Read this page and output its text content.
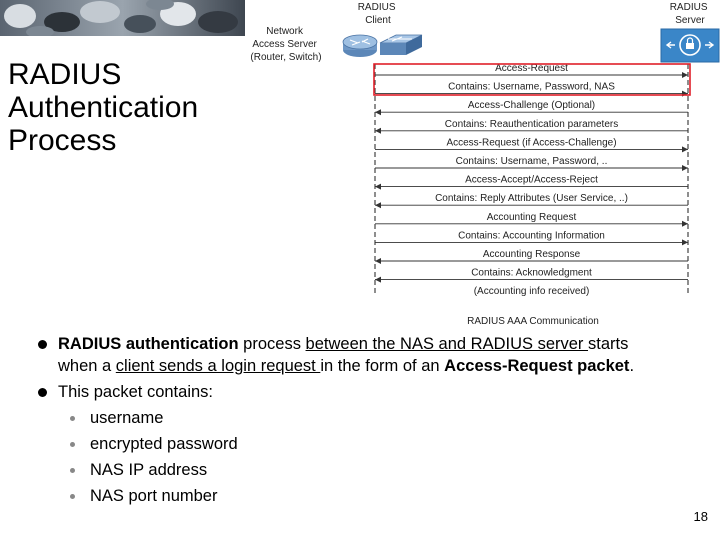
RADIUS
Authentication
Process
Network Access Server (Router, Switch)
RADIUS Client
RADIUS Server
Access-Request
Contains: Username, Password, NAS
Access-Challenge (Optional)
Contains: Reauthentication parameters
Access-Request (if Access-Challenge)
Contains: Username, Password, ..
Access-Accept/Access-Reject
Contains: Reply Attributes (User Service, ..)
Accounting Request
Contains: Accounting Information
Accounting Response
Contains: Acknowledgment
(Accounting info received)
RADIUS AAA Communication
RADIUS authentication process between the NAS and RADIUS server starts
when a client sends a login request in the form of an Access-Request packet.
This packet contains:
username
encrypted password
NAS IP address
NAS port number
18
